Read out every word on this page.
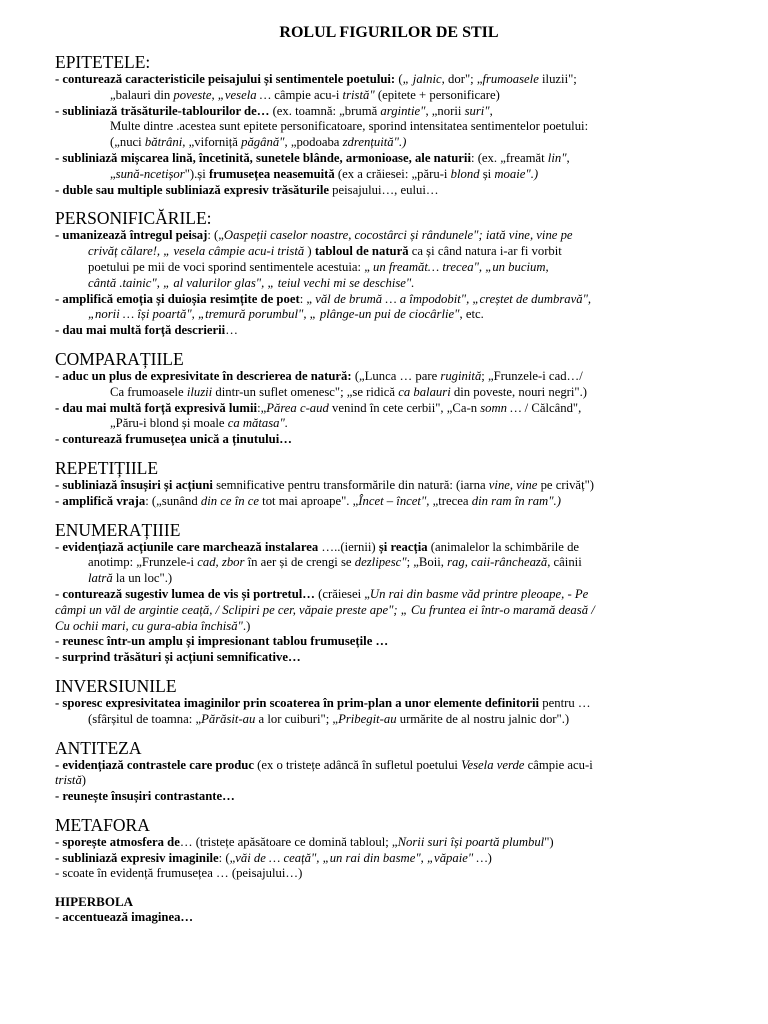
ROLUL FIGURILOR DE STIL
EPITETELE:

- conturează caracteristicile peisajului și sentimentele poetului: („ jalnic, dor"; „frumoasele iluzii";

„balauri din poveste, „vesela … câmpie acu-i tristă" (epitete + personificare)

- subliniază trăsăturile-tablourilor de… (ex. toamnă: „brumă argintie", „norii suri",

Multe dintre .acestea sunt epitete personificatoare, sporind intensitatea sentimentelor poetului:

(„nuci bătrâni, „viforniță păgână", „podoaba zdrențuită".)

- subliniază mișcarea lină, încetinită, sunetele blânde, armonioase, ale naturii: (ex. „freamăt lin",

„sună-ncetișor").și frumusețea neasemuită (ex a crăiesei: „păru-i blond și moaie".)

- duble sau multiple subliniază expresiv trăsăturile peisajului…, eului…

PERSONIFICĂRILE:

- umanizează întregul peisaj: („Oaspeții caselor noastre, cocostârci și rândunele"; iată vine, vine pe

crivăț călare!, „ vesela câmpie acu-i tristă ) tabloul de natură ca și când natura i-ar fi vorbit

poetului pe mii de voci sporind sentimentele acestuia: „ un freamăt… trecea", „un bucium,

cântă .tainic", „ al valurilor glas", „ teiul vechi mi se deschise".

- amplifică emoția și duioșia resimțite de poet: „ văl de brumă … a împodobit", „creștet de dumbravă",

„norii … își poartă", „tremură porumbul", „ plânge-un pui de ciocârlie", etc.

- dau mai multă forță descrierii…

COMPARAȚIILE

- aduc un plus de expresivitate în descrierea de natură: („Lunca … pare ruginită; „Frunzele-i cad…/

Ca frumoasele iluzii dintr-un suflet omenesc"; „se ridică ca balauri din poveste, nouri negri".)

- dau mai multă forță expresivă lumii:„Părea c-aud venind în cete cerbii", „Ca-n somn … / Călcând",

„Păru-i blond și moale ca mătasa".

- conturează frumusețea unică a ținutului…

REPETIȚIILE

- subliniază însușiri și acțiuni semnificative pentru transformările din natură: (iarna vine, vine pe crivăț")

- amplifică vraja: („sunând din ce în ce tot mai aproape". „Încet – încet", „trecea din ram în ram".)

ENUMERAȚIIIE

- evidențiază acțiunile care marchează instalarea …..(iernii) și reacția (animalelor la schimbările de

anotimp: „Frunzele-i cad, zbor în aer și de crengi se dezlipesc"; „Boii, rag, caii-rânchează, câinii

latră la un loc".)

- conturează sugestiv lumea de vis și portretul… (crăiesei „Un rai din basme văd printre pleoape, - Pe

câmpi un văl de argintie ceață, / Sclipiri pe cer, văpaie preste ape"; „ Cu fruntea ei într-o maramă deasă /

Cu ochii mari, cu gura-abia închisă".)

- reunesc într-un amplu și impresionant tablou frumusețile …

- surprind trăsături și acțiuni semnificative…

INVERSIUNILE

- sporesc expresivitatea imaginilor prin scoaterea în prim-plan a unor elemente definitorii pentru …

(sfârșitul de toamna: „Părăsit-au a lor cuiburi"; „Pribegit-au urmărite de al nostru jalnic dor".)

ANTITEZA

- evidențiază contrastele care produc (ex o tristețe adâncă în sufletul poetului Vesela verde câmpie acu-i

tristă)

- reunește însușiri contrastante…

METAFORA

- sporește atmosfera de… (tristețe apăsătoare ce domină tabloul; „Norii suri își poartă plumbul")

- subliniază expresiv imaginile: („văi de … ceață", „un rai din basme", „văpaie" …)

- scoate în evidență frumusețea … (peisajului…)

HIPERBOLA

- accentuează imaginea…
